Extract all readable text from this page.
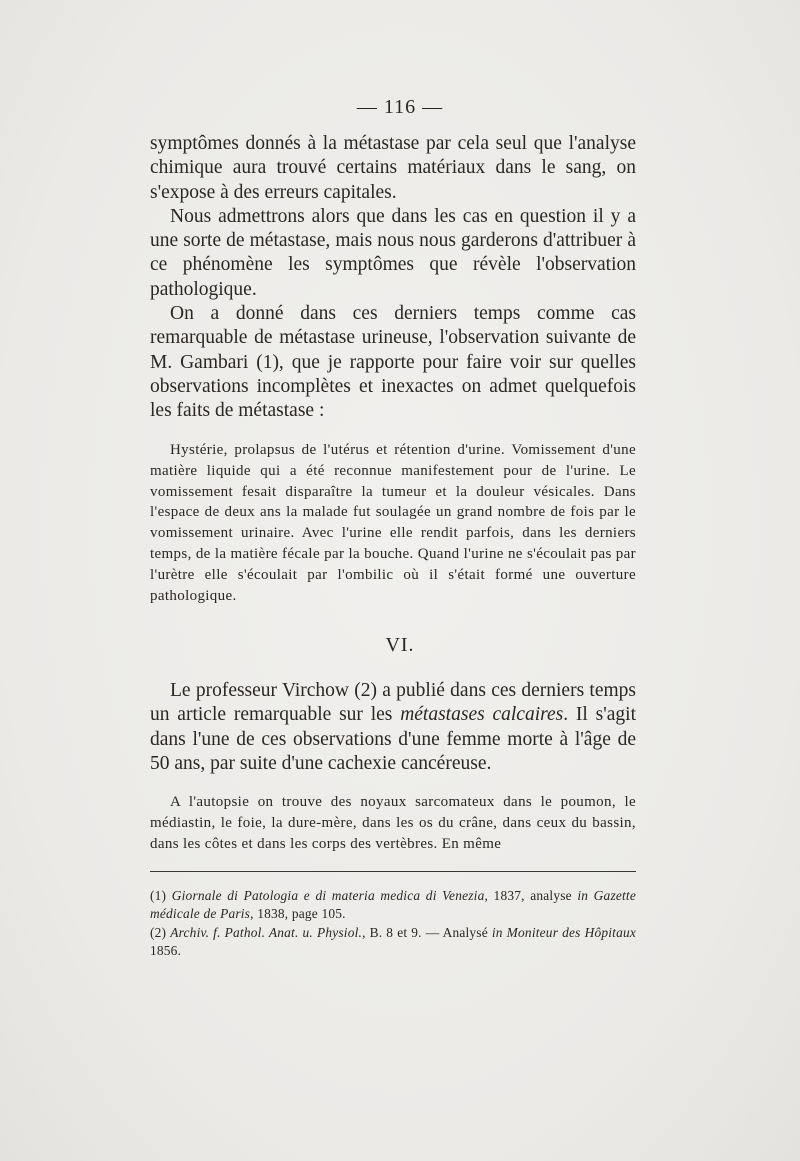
— 116 —

symptômes donnés à la métastase par cela seul que l'analyse chimique aura trouvé certains matériaux dans le sang, on s'expose à des erreurs capitales.

Nous admettrons alors que dans les cas en question il y a une sorte de métastase, mais nous nous garderons d'attribuer à ce phénomène les symptômes que révèle l'observation pathologique.

On a donné dans ces derniers temps comme cas remarquable de métastase urineuse, l'observation suivante de M. Gambari (1), que je rapporte pour faire voir sur quelles observations incomplètes et inexactes on admet quelquefois les faits de métastase :

Hystérie, prolapsus de l'utérus et rétention d'urine. Vomissement d'une matière liquide qui a été reconnue manifestement pour de l'urine. Le vomissement fesait disparaître la tumeur et la douleur vésicales. Dans l'espace de deux ans la malade fut soulagée un grand nombre de fois par le vomissement urinaire. Avec l'urine elle rendit parfois, dans les derniers temps, de la matière fécale par la bouche. Quand l'urine ne s'écoulait pas par l'urètre elle s'écoulait par l'ombilic où il s'était formé une ouverture pathologique.

VI.

Le professeur Virchow (2) a publié dans ces derniers temps un article remarquable sur les métastases calcaires. Il s'agit dans l'une de ces observations d'une femme morte à l'âge de 50 ans, par suite d'une cachexie cancéreuse.

A l'autopsie on trouve des noyaux sarcomateux dans le poumon, le médiastin, le foie, la dure-mère, dans les os du crâne, dans ceux du bassin, dans les côtes et dans les corps des vertèbres. En même

(1) Giornale di Patologia e di materia medica di Venezia, 1837, analyse in Gazette médicale de Paris, 1838, page 105.

(2) Archiv. f. Pathol. Anat. u. Physiol., B. 8 et 9. — Analysé in Moniteur des Hôpitaux 1856.
